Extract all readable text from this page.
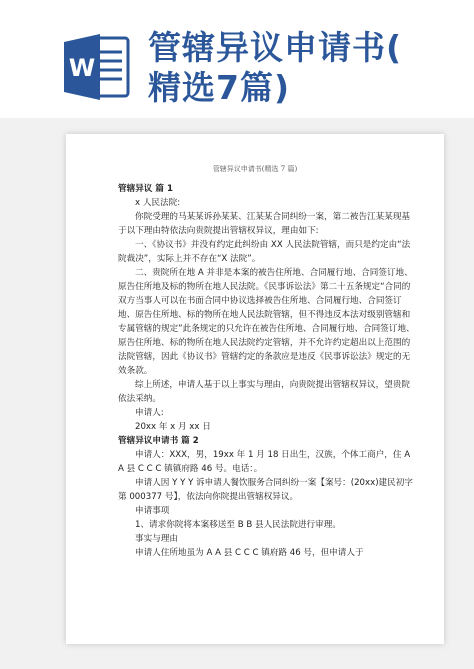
W
管辖异议申请书(
精选7篇)
管辖异议申请书(精选 7 篇)

管辖异议 篇 1

x 人民法院:

你院受理的马某某诉孙某某、江某某合同纠纷一案，第二被告江某某现基于以下理由特依法向贵院提出管辖权异议，理由如下:

一、《协议书》并没有约定此纠纷由 XX 人民法院管辖，而只是约定由“法院裁决”，实际上并不存在“X 法院”。

二、贵院所在地 A 并非是本案的被告住所地、合同履行地、合同签订地、原告住所地及标的物所在地人民法院。《民事诉讼法》第二十五条规定“合同的双方当事人可以在书面合同中协议选择被告住所地、合同履行地、合同签订地、原告住所地、标的物所在地人民法院管辖，但不得违反本法对级别管辖和专属管辖的规定”此条规定的只允许在被告住所地、合同履行地、合同签订地、原告住所地、标的物所在地人民法院约定管辖，并不允许约定超出以上范围的法院管辖，因此《协议书》管辖约定的条款应是违反《民事诉讼法》规定的无效条款。

综上所述，申请人基于以上事实与理由，向贵院提出管辖权异议，望贵院依法采纳。

申请人:

20xx 年 x 月 xx 日

管辖异议申请书 篇 2

申请人：XXX，男，19xx 年 1 月 18 日出生，汉族，个体工商户，住 A A 县 C C C 镇镇府路 46 号。电话：。

申请人因 Y Y Y 诉申请人餐饮服务合同纠纷一案【案号：(20xx)建民初字第 000377 号】，依法向你院提出管辖权异议。

申请事项

1、请求你院将本案移送至 B B 县人民法院进行审理。

事实与理由

申请人住所地虽为 A A 县 C C C 镇府路 46 号，但申请人于
